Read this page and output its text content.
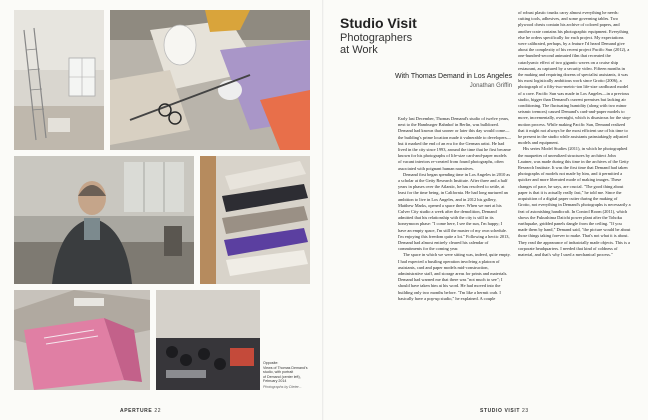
Opposite:
Views of Thomas Demand's
studio, with portrait
of Demand (center left),
February 2014
Photographs by Dieter...
APERTURE 22
Studio Visit
Photographers
at Work
With Thomas Demand in Los Angeles
Jonathan Griffin

Early last December, Thomas Demand's studio of twelve years, next to the Hamburger Bahnhof in Berlin, was bulldozed. Demand had known that sooner or later this day would come—the building's prime location made it vulnerable to developers—but it marked the end of an era for the German artist. He had lived in the city since 1993, around the time that he first became known for his photographs of life-size card-and-paper models of vacant interiors re-created from found photographs, often associated with poignant human narratives.

Demand first began spending time in Los Angeles in 2010 as a scholar at the Getty Research Institute. After three and a half years in phases over the Atlantic, he has resolved to settle, at least for the time being, in California. He had long nurtured an ambition to live in Los Angeles, and in 2012 his gallery, Matthew Marks, opened a space there. When we met at his Culver City studio a week after the demolition, Demand admitted that his relationship with the city is still in its honeymoon phase: "I come here, I see the sun, I'm happy; I have an empty space, I'm still the master of my own schedule. I'm enjoying this freedom quite a lot." Following a hectic 2013, Demand had almost entirely cleared his calendar of commitments for the coming year.

The space in which we were sitting was, indeed, quite empty. I had expected a bustling operation involving a platoon of assistants, card and paper models mid-construction, administrative staff, and storage areas for prints and materials. Demand had warned me that there was "not much to see"; I should have taken him at his word. He had moved into the building only two months before. "I'm like a hermit crab. I basically have a pop-up studio," he explained. A couple

of robust plastic trunks carry almost everything he needs: cutting tools, adhesives, and some governing tables. Two plywood chests contain his archive of colored papers, and another crate contains his photographic equipment. Everything else he orders specifically for each project. My expectations were calibrated, perhaps, by a feature I'd heard Demand give about the complexity of his recent project Pacific Sun (2012), a one-hundred-second animated film that recreated the cataclysmic effect of two gigantic waves on a cruise ship restaurant, as captured by a security video. Fifteen months in the making and requiring dozens of specialist assistants, it was his most logistically ambitious work since Grotto (2006), a photograph of a fifty-two-metric-ton life-size cardboard model of a cave. Pacific Sun was made in Los Angeles—in a previous studio, bigger than Demand's current premises but lacking air conditioning. The fluctuating humidity (along with two minor seismic tremors) caused Demand's card-and-paper models to move, incrementally, overnight, which is disastrous for the stop-motion process. While making Pacific Sun, Demand realized that it might not always be the most efficient use of his time to be present in the studio while assistants painstakingly adjusted models and equipment.

His series Model Studies (2011), in which he photographed the maquettes of unrealized structures by architect John Lautner, was made during this time in the archives of the Getty Research Institute. It was the first time that Demand had taken photographs of models not made by him, and it permitted a quicker and more liberated mode of making images. These changes of pace, he says, are crucial. "The good thing about paper is that it is actually really fast," he told me. Since the acquisition of a digital paper cutter during the making of Grotto, not everything in Demand's photographs is necessarily a feat of astonishing handicraft. In Control Room (2011), which shows the Fukushima Daiichi power plant after the Tohoku earthquake, gridded panels dangle from the ceiling. "If you made them by hand," Demand said, "the picture would be about those things taking forever to make. That's not what it is about. They read the appearance of industrially made objects. This is a corporate headquarters. I needed that kind of coldness of material, and that's why I used a mechanical process."

STUDIO VISIT 23
